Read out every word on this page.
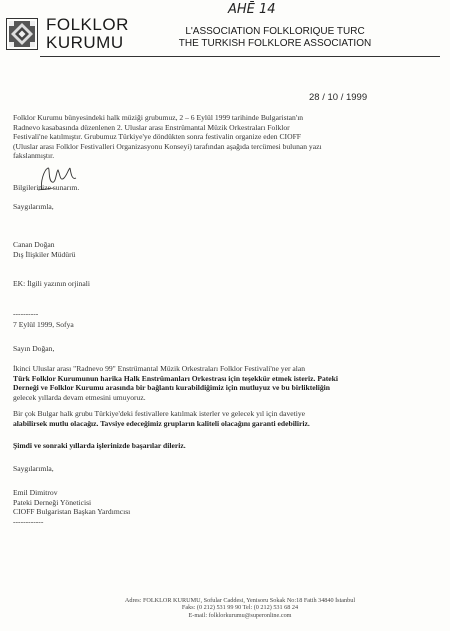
AHĒ 14
FOLKLOR
KURUMU
L'ASSOCIATION FOLKLORIQUE TURC
THE TURKISH FOLKLORE ASSOCIATION
28 / 10 / 1999
Folklor Kurumu bünyesindeki halk müziği grubumuz, 2 – 6 Eylül 1999 tarihinde Bulgaristan'ın
Radnevo kasabasında düzenlenen 2. Uluslar arası Enstrümantal Müzik Orkestraları Folklor
Festivali'ne katılmıştır. Grubumuz Türkiye'ye döndükten sonra festivalin organize eden CIOFF
(Uluslar arası Folklor Festivalleri Organizasyonu Konseyi) tarafından aşağıda tercümesi bulunan yazı
fakslanmıştır.
Bilgilerinize sunarım.
Saygılarımla,
Canan Doğan
Dış İlişkiler Müdürü
EK: İlgili yazının orjinali
----------
7 Eylül 1999, Sofya
Sayın Doğan,
İkinci Uluslar arası "Radnevo 99" Enstrümantal Müzik Orkestraları Folklor Festivali'ne yer alan
Türk Folklor Kurumunun harika Halk Enstrümanları Orkestrası için teşekkür etmek isteriz. Pateki
Derneği ve Folklor Kurumu arasında bir bağlantı kurabildiğimiz için mutluyuz ve bu birlikteliğin
gelecek yıllarda devam etmesini umuyoruz.
Bir çok Bulgar halk grubu Türkiye'deki festivallere katılmak isterler ve gelecek yıl için davetiye
alabilirsek mutlu olacağız. Tavsiye edeceğimiz grupların kaliteli olacağını garanti edebiliriz.
Şimdi ve sonraki yıllarda işlerinizde başarılar dileriz.
Saygılarımla,
Emil Dimitrov
Pateki Derneği Yöneticisi
CIOFF Bulgaristan Başkan Yardımcısı
------------
Adres: FOLKLOR KURUMU, Sofular Caddesi, Yenisoru Sokak No:18 Fatih 34840 İstanbul
Faks: (0 212) 531 99 90 Tel: (0 212) 531 68 24
E-mail: folklorkurumu@superonline.com
